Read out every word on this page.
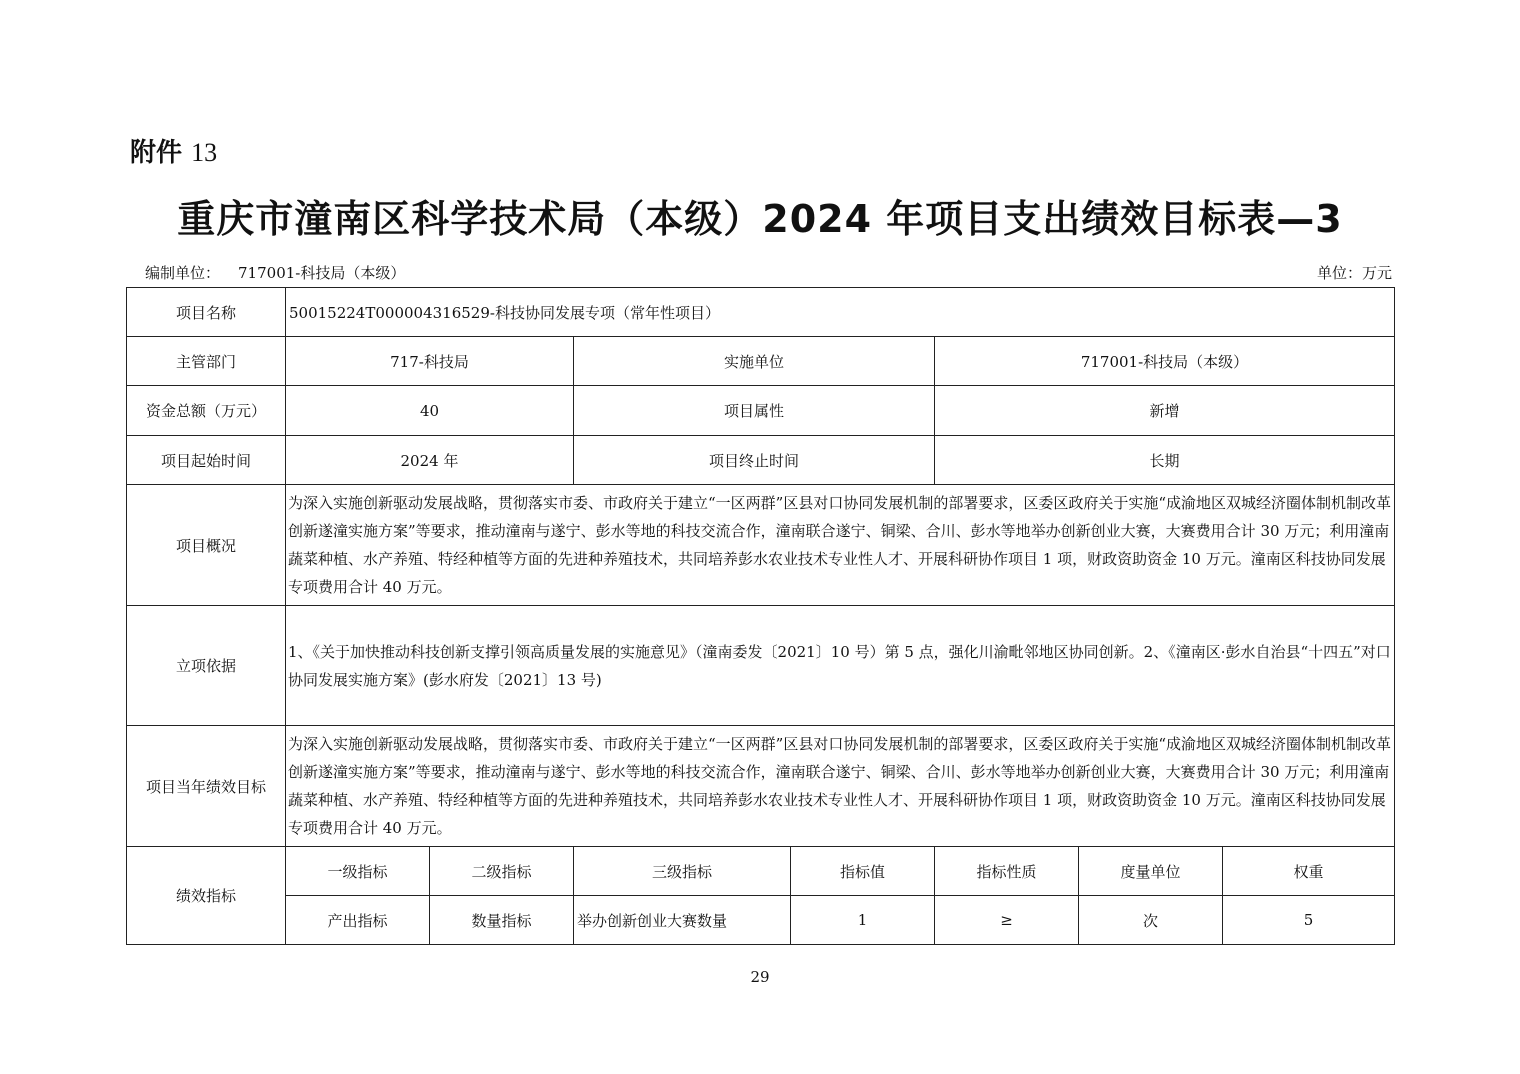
附件 13
重庆市潼南区科学技术局（本级）2024 年项目支出绩效目标表—3
编制单位： 717001-科技局（本级）	单位：万元
项目名称	50015224T000004316529-科技协同发展专项（常年性项目）						
主管部门	717-科技局		实施单位		717001-科技局（本级）		
资金总额（万元）	40		项目属性		新增		
项目起始时间	2024 年		项目终止时间		长期		
项目概况	为深入实施创新驱动发展战略，贯彻落实市委、市政府关于建立“一区两群”区县对口协同发展机制的部署要求，区委区政府关于实施“成渝地区双城经济圈体制机制改革创新遂潼实施方案”等要求，推动潼南与遂宁、彭水等地的科技交流合作，潼南联合遂宁、铜梁、合川、彭水等地举办创新创业大赛，大赛费用合计 30 万元；利用潼南蔬菜种植、水产养殖、特经种植等方面的先进种养殖技术，共同培养彭水农业技术专业性人才、开展科研协作项目 1 项，财政资助资金 10 万元。潼南区科技协同发展专项费用合计 40 万元。						
立项依据	1、《关于加快推动科技创新支撑引领高质量发展的实施意见》（潼南委发〔2021〕10 号）第 5 点，强化川渝毗邻地区协同创新。2、《潼南区·彭水自治县“十四五”对口协同发展实施方案》(彭水府发〔2021〕13 号)						
项目当年绩效目标	为深入实施创新驱动发展战略，贯彻落实市委、市政府关于建立“一区两群”区县对口协同发展机制的部署要求，区委区政府关于实施“成渝地区双城经济圈体制机制改革创新遂潼实施方案”等要求，推动潼南与遂宁、彭水等地的科技交流合作，潼南联合遂宁、铜梁、合川、彭水等地举办创新创业大赛，大赛费用合计 30 万元；利用潼南蔬菜种植、水产养殖、特经种植等方面的先进种养殖技术，共同培养彭水农业技术专业性人才、开展科研协作项目 1 项，财政资助资金 10 万元。潼南区科技协同发展专项费用合计 40 万元。						
绩效指标	一级指标	二级指标	三级指标	指标值	指标性质	度量单位	权重
	产出指标	数量指标	举办创新创业大赛数量	1	≥	次	5
29
